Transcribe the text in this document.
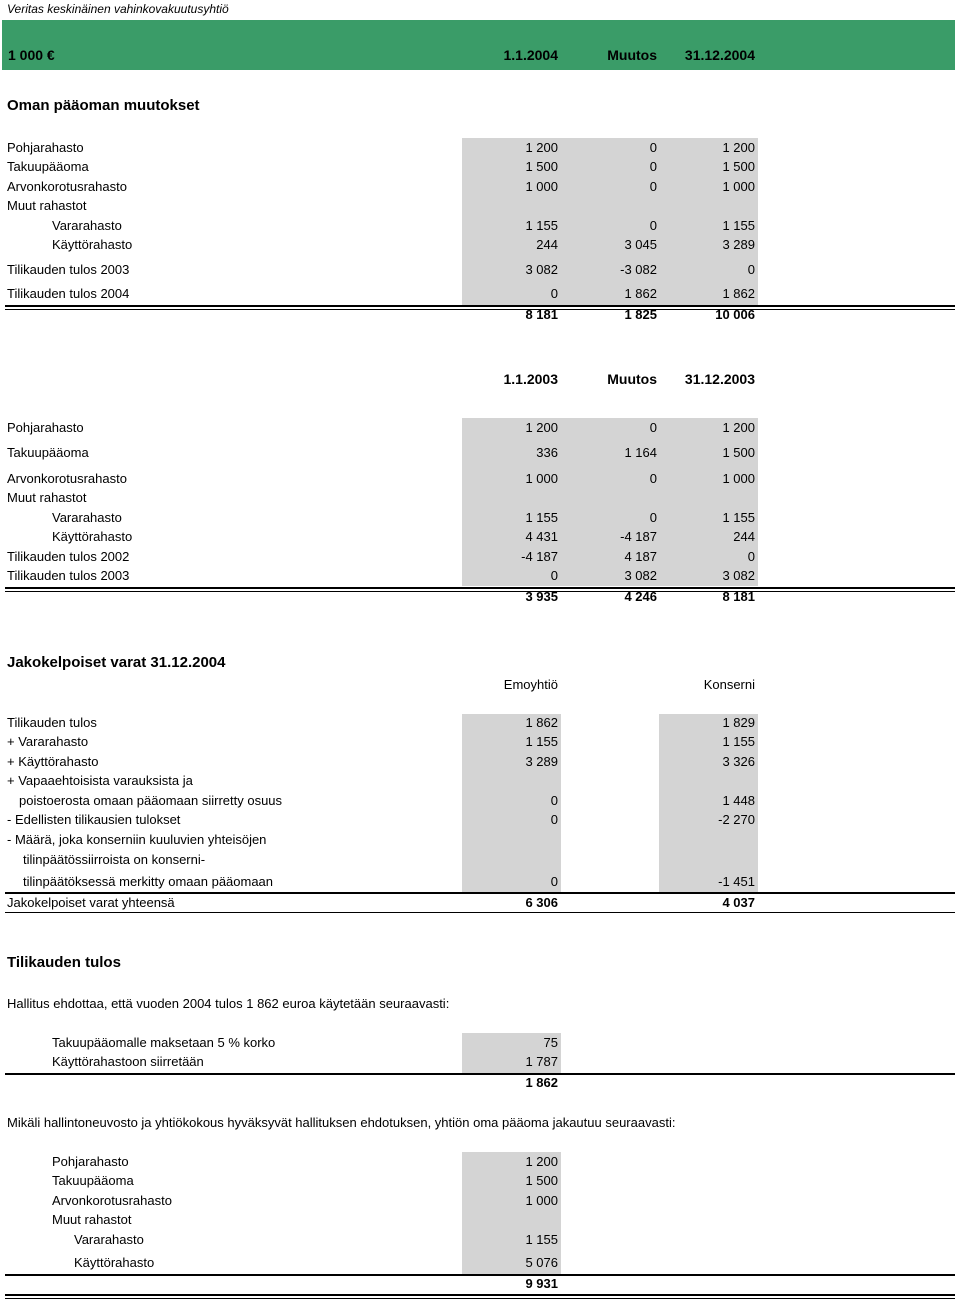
Veritas keskinäinen vahinkovakuutusyhtiö
1 000 €	1.1.2004	Muutos	31.12.2004
Oman pääoman muutokset
Pohjarahasto	1 200	0	1 200
Takuupääoma	1 500	0	1 500
Arvonkorotusrahasto	1 000	0	1 000
Muut rahastot
Vararahasto	1 155	0	1 155
Käyttörahasto	244	3 045	3 289
Tilikauden tulos 2003	3 082	-3 082	0
Tilikauden tulos 2004	0	1 862	1 862
8 181	1 825	10 006
1.1.2003	Muutos	31.12.2003
Pohjarahasto	1 200	0	1 200
Takuupääoma	336	1 164	1 500
Arvonkorotusrahasto	1 000	0	1 000
Muut rahastot
Vararahasto	1 155	0	1 155
Käyttörahasto	4 431	-4 187	244
Tilikauden tulos 2002	-4 187	4 187	0
Tilikauden tulos 2003	0	3 082	3 082
3 935	4 246	8 181
Jakokelpoiset varat 31.12.2004
Emoyhtiö	Konserni
Tilikauden tulos	1 862	1 829
+ Vararahasto	1 155	1 155
+ Käyttörahasto	3 289	3 326
+ Vapaaehtoisista varauksista ja
poistoerosta omaan pääomaan siirretty osuus	0	1 448
- Edellisten tilikausien tulokset	0	-2 270
- Määrä, joka konserniin kuuluvien yhteisöjen
tilinpäätössiirroista on konserni-
tilinpäätöksessä merkitty omaan pääomaan	0	-1 451
Jakokelpoiset varat yhteensä	6 306	4 037
Tilikauden tulos
Hallitus ehdottaa, että vuoden 2004 tulos 1 862 euroa käytetään seuraavasti:
Takuupääomalle maksetaan 5 % korko	75
Käyttörahastoon siirretään	1 787
1 862
Mikäli hallintoneuvosto ja yhtiökokous hyväksyvät hallituksen ehdotuksen, yhtiön oma pääoma jakautuu seuraavasti:
Pohjarahasto	1 200
Takuupääoma	1 500
Arvonkorotusrahasto	1 000
Muut rahastot
Vararahasto	1 155
Käyttörahasto	5 076
9 931
